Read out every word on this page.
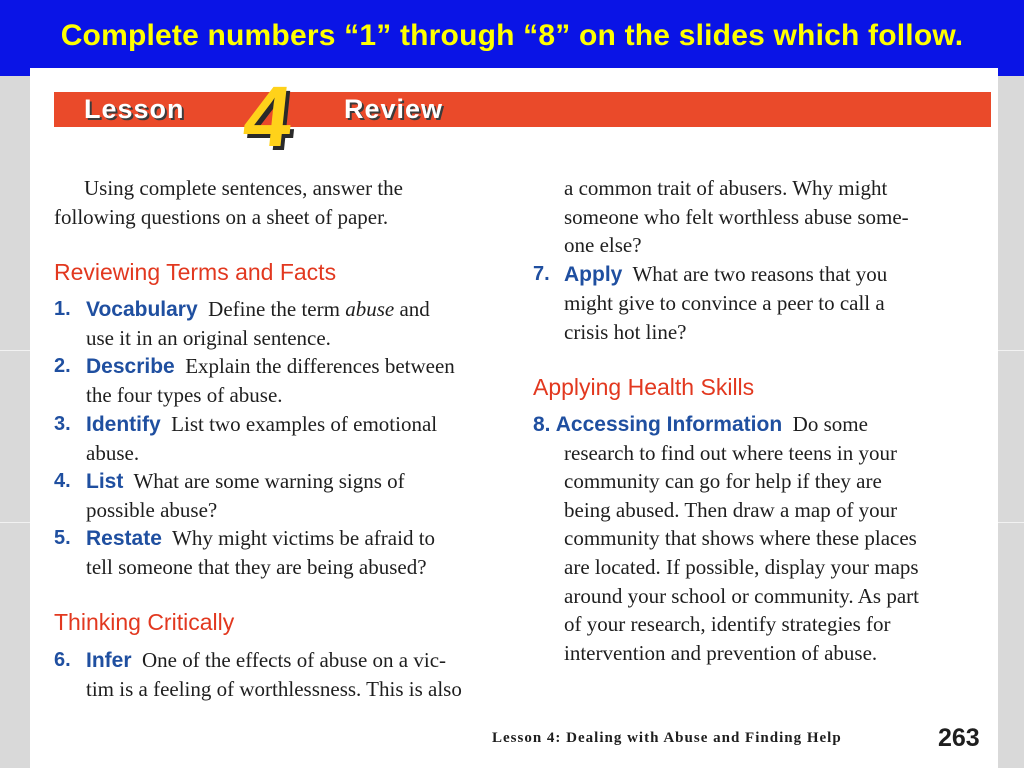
Complete numbers “1” through “8” on the slides which follow.
Lesson	Review
4
Using complete sentences, answer the
following questions on a sheet of paper.
Reviewing Terms and Facts
1. Vocabulary Define the term abuse and
use it in an original sentence.
2. Describe Explain the differences between
the four types of abuse.
3. Identify List two examples of emotional
abuse.
4. List What are some warning signs of
possible abuse?
5. Restate Why might victims be afraid to
tell someone that they are being abused?
Thinking Critically
6. Infer One of the effects of abuse on a vic-
tim is a feeling of worthlessness. This is also
a common trait of abusers. Why might
someone who felt worthless abuse some-
one else?
7. Apply What are two reasons that you
might give to convince a peer to call a
crisis hot line?
Applying Health Skills
8. Accessing Information Do some
research to find out where teens in your
community can go for help if they are
being abused. Then draw a map of your
community that shows where these places
are located. If possible, display your maps
around your school or community. As part
of your research, identify strategies for
intervention and prevention of abuse.
Lesson 4: Dealing with Abuse and Finding Help	263
